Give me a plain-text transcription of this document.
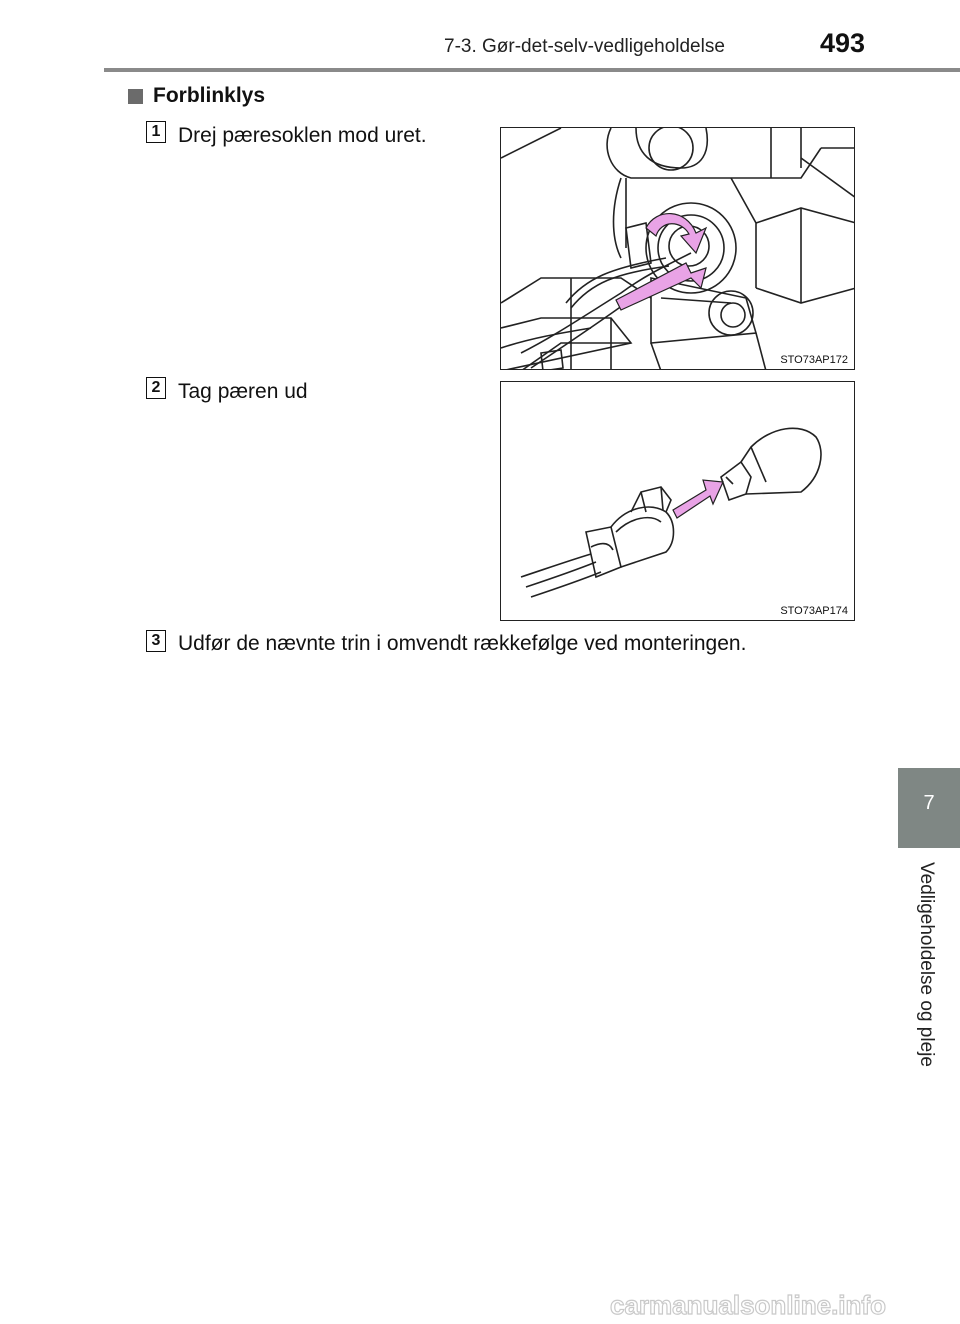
7-3. Gør-det-selv-vedligeholdelse	493
7
Vedligeholdelse og pleje
Forblinklys
1 Drej pæresoklen mod uret.
STO73AP172
2 Tag pæren ud
STO73AP174
3 Udfør de nævnte trin i omvendt rækkefølge ved monteringen.
carmanualsonline.info
